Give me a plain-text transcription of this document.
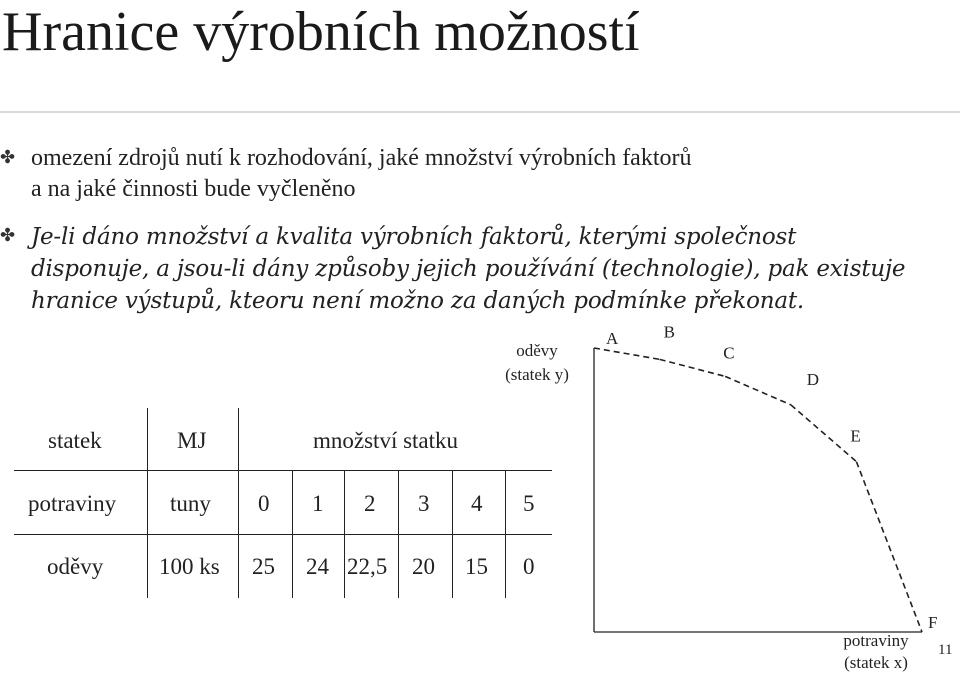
Hranice výrobních možností
✤ omezení zdrojů nutí k rozhodování, jaké množství výrobních faktorů
a na jaké činnosti bude vyčleněno
✤ Je-li dáno množství a kvalita výrobních faktorů, kterými společnost
disponuje, a jsou-li dány způsoby jejich používání (technologie), pak existuje
hranice výstupů, kteoru není možno za daných podmínke překonat.
statek	MJ	množství statku
potraviny tuny 0 1 2 3 4 5
oděvy 100 ks 25 24 22,5 20 15 0
A	B
C
D
E
F
oděvy
(statek y)
potraviny
(statek x)
11
